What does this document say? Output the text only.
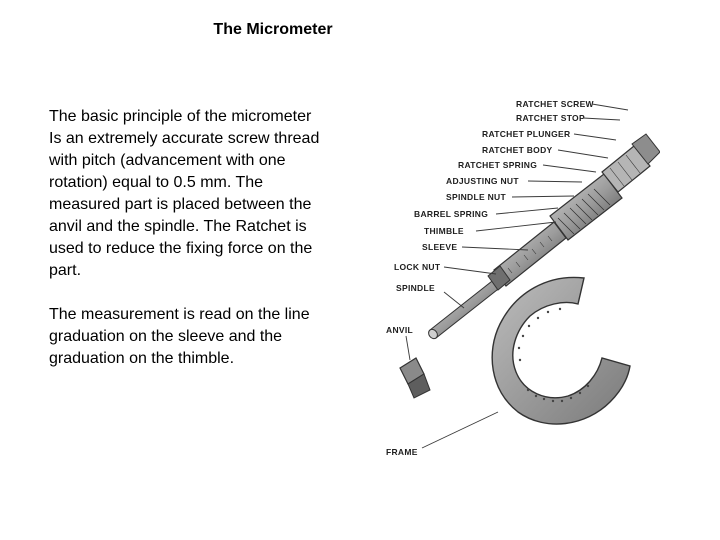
The Micrometer

The basic principle of the micrometer
Is an extremely accurate screw thread
with pitch (advancement with one
rotation) equal to 0.5 mm. The
measured part is placed between the
anvil and the spindle. The Ratchet is
used to reduce the fixing force on the
part.

The measurement is read on the line
graduation on the sleeve and the
graduation on the thimble.

RATCHET SCREW
RATCHET STOP
RATCHET PLUNGER
RATCHET BODY
RATCHET SPRING
ADJUSTING NUT
SPINDLE NUT
BARREL SPRING
THIMBLE
SLEEVE
LOCK NUT
SPINDLE
ANVIL
FRAME
